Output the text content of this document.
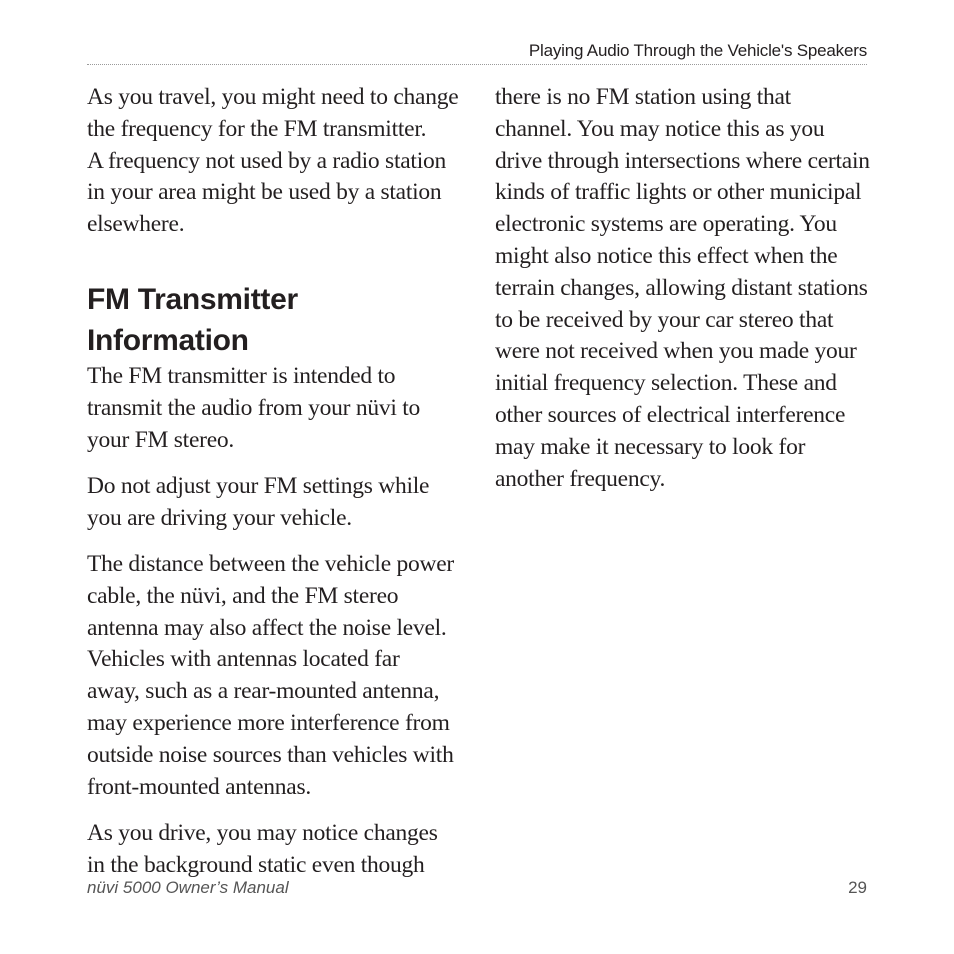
Playing Audio Through the Vehicle's Speakers

As you travel, you might need to change
the frequency for the FM transmitter.
A frequency not used by a radio station
in your area might be used by a station
elsewhere.

FM Transmitter
Information

The FM transmitter is intended to
transmit the audio from your nüvi to
your FM stereo.

Do not adjust your FM settings while
you are driving your vehicle.

The distance between the vehicle power
cable, the nüvi, and the FM stereo
antenna may also affect the noise level.
Vehicles with antennas located far
away, such as a rear-mounted antenna,
may experience more interference from
outside noise sources than vehicles with
front-mounted antennas.

As you drive, you may notice changes
in the background static even though

there is no FM station using that
channel. You may notice this as you
drive through intersections where certain
kinds of traffic lights or other municipal
electronic systems are operating. You
might also notice this effect when the
terrain changes, allowing distant stations
to be received by your car stereo that
were not received when you made your
initial frequency selection. These and
other sources of electrical interference
may make it necessary to look for
another frequency.

nüvi 5000 Owner’s Manual	29
